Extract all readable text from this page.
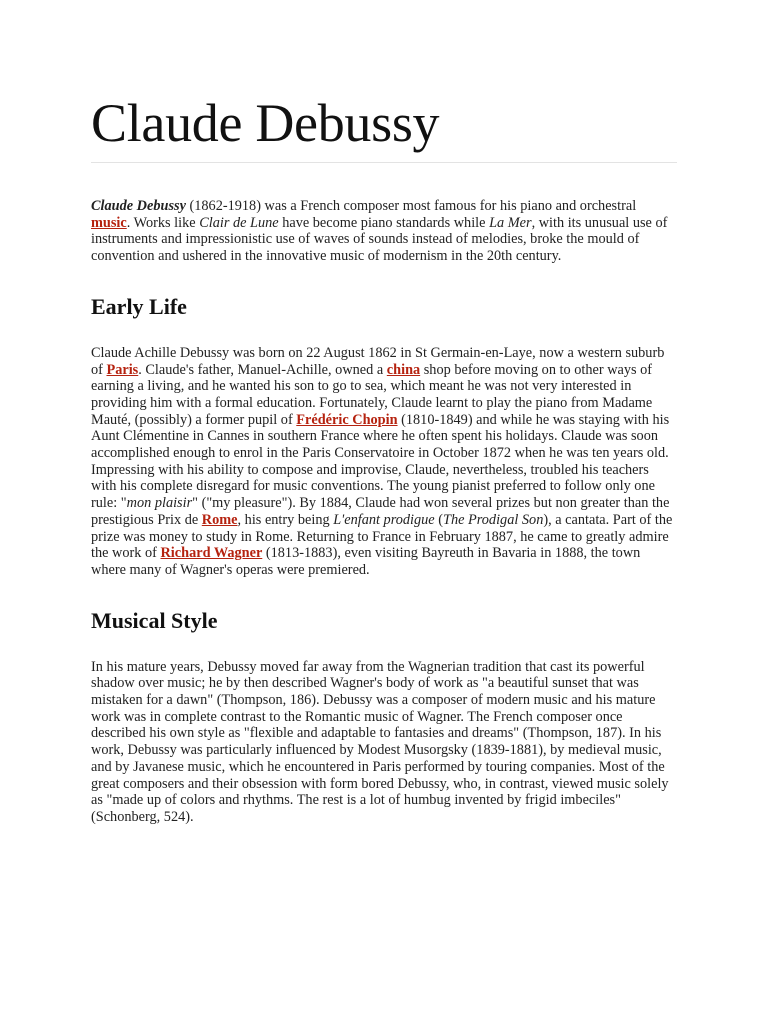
Claude Debussy

Claude Debussy (1862-1918) was a French composer most famous for his piano and orchestral music. Works like Clair de Lune have become piano standards while La Mer, with its unusual use of instruments and impressionistic use of waves of sounds instead of melodies, broke the mould of convention and ushered in the innovative music of modernism in the 20th century.

Early Life

Claude Achille Debussy was born on 22 August 1862 in St Germain-en-Laye, now a western suburb of Paris. Claude's father, Manuel-Achille, owned a china shop before moving on to other ways of earning a living, and he wanted his son to go to sea, which meant he was not very interested in providing him with a formal education. Fortunately, Claude learnt to play the piano from Madame Mauté, (possibly) a former pupil of Frédéric Chopin (1810-1849) and while he was staying with his Aunt Clémentine in Cannes in southern France where he often spent his holidays. Claude was soon accomplished enough to enrol in the Paris Conservatoire in October 1872 when he was ten years old. Impressing with his ability to compose and improvise, Claude, nevertheless, troubled his teachers with his complete disregard for music conventions. The young pianist preferred to follow only one rule: "mon plaisir" ("my pleasure"). By 1884, Claude had won several prizes but non greater than the prestigious Prix de Rome, his entry being L'enfant prodigue (The Prodigal Son), a cantata. Part of the prize was money to study in Rome. Returning to France in February 1887, he came to greatly admire the work of Richard Wagner (1813-1883), even visiting Bayreuth in Bavaria in 1888, the town where many of Wagner's operas were premiered.

Musical Style

In his mature years, Debussy moved far away from the Wagnerian tradition that cast its powerful shadow over music; he by then described Wagner's body of work as "a beautiful sunset that was mistaken for a dawn" (Thompson, 186). Debussy was a composer of modern music and his mature work was in complete contrast to the Romantic music of Wagner. The French composer once described his own style as "flexible and adaptable to fantasies and dreams" (Thompson, 187). In his work, Debussy was particularly influenced by Modest Musorgsky (1839-1881), by medieval music, and by Javanese music, which he encountered in Paris performed by touring companies. Most of the great composers and their obsession with form bored Debussy, who, in contrast, viewed music solely as "made up of colors and rhythms. The rest is a lot of humbug invented by frigid imbeciles" (Schonberg, 524).
